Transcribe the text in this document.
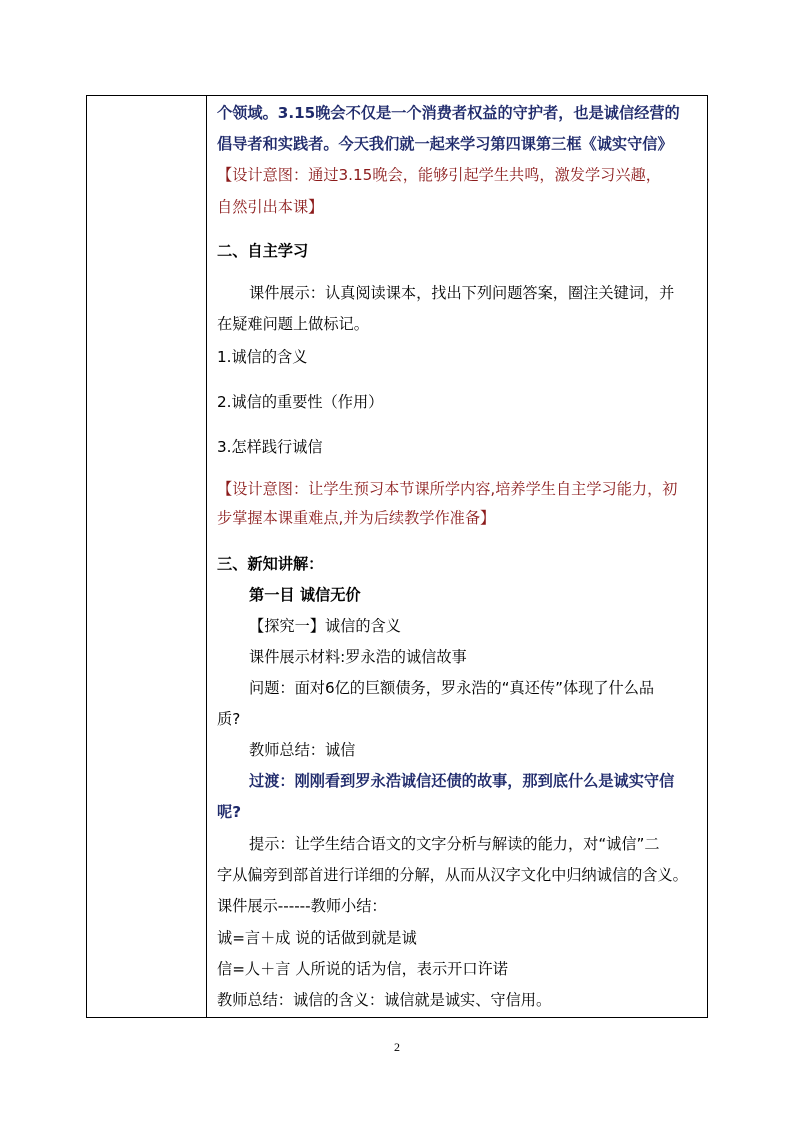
个领域。3.15晚会不仅是一个消费者权益的守护者，也是诚信经营的
倡导者和实践者。今天我们就一起来学习第四课第三框《诚实守信》
【设计意图：通过3.15晚会，能够引起学生共鸣，激发学习兴趣，
自然引出本课】
二、自主学习
课件展示：认真阅读课本，找出下列问题答案，圈注关键词，并
在疑难问题上做标记。
1.诚信的含义
2.诚信的重要性（作用）
3.怎样践行诚信
【设计意图：让学生预习本节课所学内容,培养学生自主学习能力，初
步掌握本课重难点,并为后续教学作准备】
三、新知讲解：
第一目 诚信无价
【探究一】诚信的含义
课件展示材料:罗永浩的诚信故事
问题：面对6亿的巨额债务，罗永浩的“真还传”体现了什么品
质?
教师总结：诚信
过渡：刚刚看到罗永浩诚信还债的故事，那到底什么是诚实守信
呢?
提示：让学生结合语文的文字分析与解读的能力，对“诚信”二
字从偏旁到部首进行详细的分解，从而从汉字文化中归纳诚信的含义。
课件展示------教师小结：
诚=言＋成 说的话做到就是诚
信=人＋言 人所说的话为信，表示开口许诺
教师总结：诚信的含义：诚信就是诚实、守信用。
2
